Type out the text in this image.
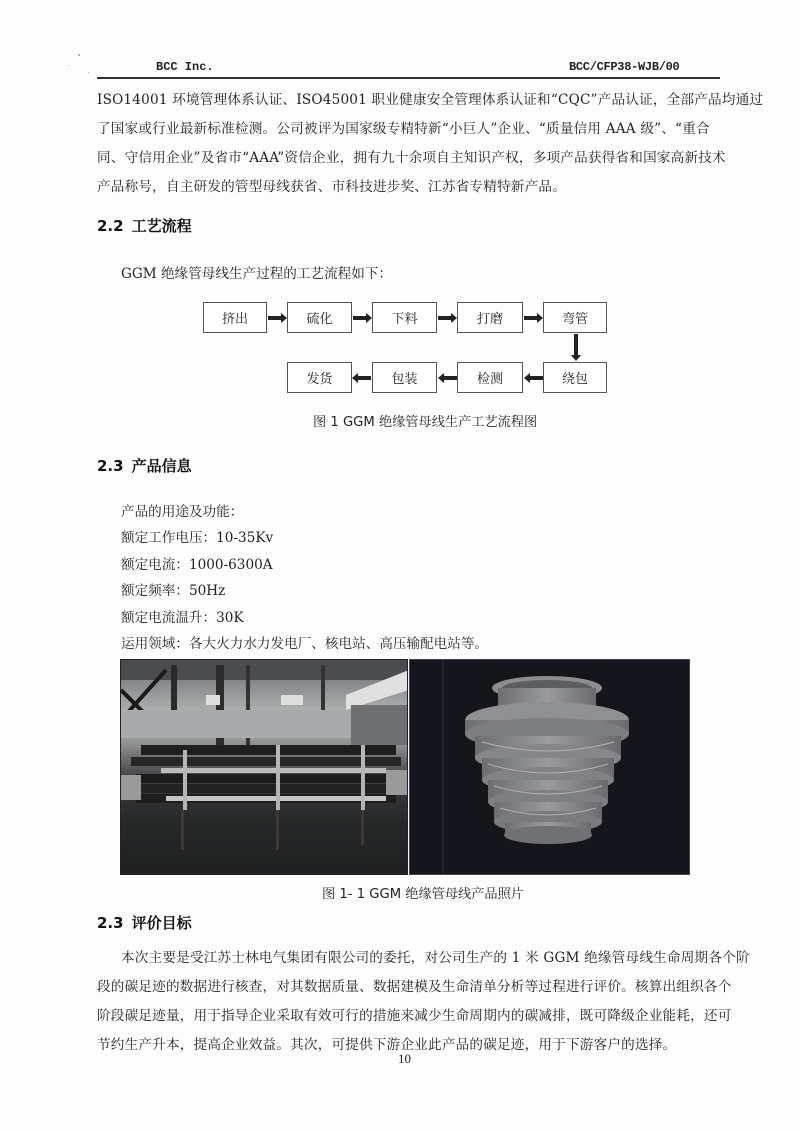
BCC Inc.	BCC/CFP38-WJB/00
ISO14001 环境管理体系认证、ISO45001 职业健康安全管理体系认证和“CQC”产品认证，全部产品均通过
了国家或行业最新标准检测。公司被评为国家级专精特新“小巨人”企业、“质量信用 AAA 级”、“重合
同、守信用企业”及省市“AAA”资信企业，拥有九十余项自主知识产权，多项产品获得省和国家高新技术
产品称号，自主研发的管型母线获省、市科技进步奖、江苏省专精特新产品。
2.2 工艺流程
GGM 绝缘管母线生产过程的工艺流程如下：
挤出	硫化	下料	打磨	弯管
发货	包装	检测	绕包
图 1 GGM 绝缘管母线生产工艺流程图
2.3 产品信息
产品的用途及功能：
额定工作电压：10-35Kv
额定电流：1000-6300A
额定频率：50Hz
额定电流温升：30K
运用领域：各大火力水力发电厂、核电站、高压输配电站等。
图 1- 1 GGM 绝缘管母线产品照片
2.3 评价目标
本次主要是受江苏士林电气集团有限公司的委托，对公司生产的 1 米 GGM 绝缘管母线生命周期各个阶
段的碳足迹的数据进行核查，对其数据质量、数据建模及生命清单分析等过程进行评价。核算出组织各个
阶段碳足迹量，用于指导企业采取有效可行的措施来减少生命周期内的碳减排，既可降级企业能耗，还可
节约生产升本，提高企业效益。其次，可提供下游企业此产品的碳足迹，用于下游客户的选择。
10
